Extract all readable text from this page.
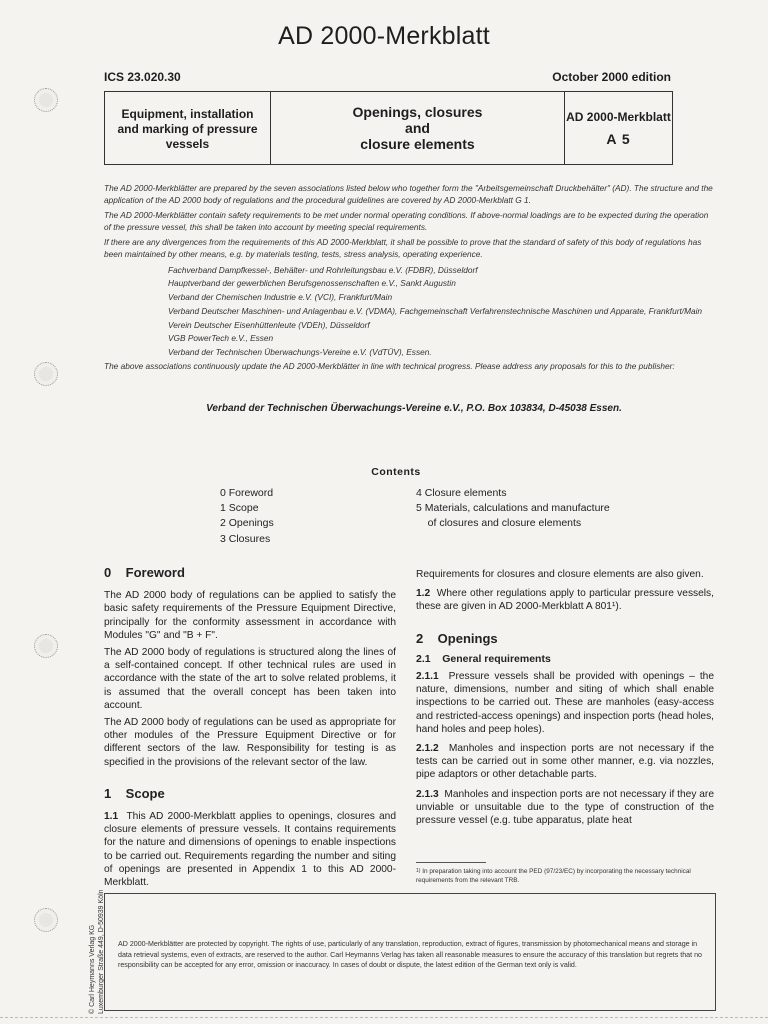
AD 2000-Merkblatt
ICS 23.020.30	October 2000 edition
Equipment, installation
and marking of pressure
vessels
Openings, closures
and
closure elements
AD 2000-Merkblatt
A 5

The AD 2000-Merkblätter are prepared by the seven associations listed below who together form the "Arbeitsgemeinschaft Druckbehälter" (AD). The structure and the application of the AD 2000 body of regulations and the procedural guidelines are covered by AD 2000-Merkblatt G 1.

The AD 2000-Merkblätter contain safety requirements to be met under normal operating conditions. If above-normal loadings are to be expected during the operation of the pressure vessel, this shall be taken into account by meeting special requirements.

If there are any divergences from the requirements of this AD 2000-Merkblatt, it shall be possible to prove that the standard of safety of this body of regulations has been maintained by other means, e.g. by materials testing, tests, stress analysis, operating experience.

Fachverband Dampfkessel-, Behälter- und Rohrleitungsbau e.V. (FDBR), Düsseldorf
Hauptverband der gewerblichen Berufsgenossenschaften e.V., Sankt Augustin
Verband der Chemischen Industrie e.V. (VCI), Frankfurt/Main
Verband Deutscher Maschinen- und Anlagenbau e.V. (VDMA), Fachgemeinschaft Verfahrenstechnische Maschinen und Apparate, Frankfurt/Main
Verein Deutscher Eisenhüttenleute (VDEh), Düsseldorf
VGB PowerTech e.V., Essen
Verband der Technischen Überwachungs-Vereine e.V. (VdTÜV), Essen.

The above associations continuously update the AD 2000-Merkblätter in line with technical progress. Please address any proposals for this to the publisher:

Verband der Technischen Überwachungs-Vereine e.V., P.O. Box 103834, D-45038 Essen.
Contents
0 Foreword
1 Scope
2 Openings
3 Closures
4 Closure elements
5 Materials, calculations and manufacture
of closures and closure elements
0    Foreword

The AD 2000 body of regulations can be applied to satisfy the basic safety requirements of the Pressure Equipment Directive, principally for the conformity assessment in accordance with Modules "G" and "B + F".

The AD 2000 body of regulations is structured along the lines of a self-contained concept. If other technical rules are used in accordance with the state of the art to solve related problems, it is assumed that the overall concept has been taken into account.

The AD 2000 body of regulations can be used as appropriate for other modules of the Pressure Equipment Directive or for different sectors of the law. Responsibility for testing is as specified in the provisions of the relevant sector of the law.

1    Scope

1.1 This AD 2000-Merkblatt applies to openings, closures and closure elements of pressure vessels. It contains requirements for the nature and dimensions of openings to enable inspections to be carried out. Requirements regarding the number and siting of openings are presented in Appendix 1 to this AD 2000-Merkblatt.

Requirements for closures and closure elements are also given.

1.2 Where other regulations apply to particular pressure vessels, these are given in AD 2000-Merkblatt A 801¹).

2    Openings
2.1    General requirements

2.1.1 Pressure vessels shall be provided with openings – the nature, dimensions, number and siting of which shall enable inspections to be carried out. These are manholes (easy-access and restricted-access openings) and inspection ports (head holes, hand holes and peep holes).

2.1.2 Manholes and inspection ports are not necessary if the tests can be carried out in some other manner, e.g. via nozzles, pipe adaptors or other detachable parts.

2.1.3 Manholes and inspection ports are not necessary if they are unviable or unsuitable due to the type of construction of the pressure vessel (e.g. tube apparatus, plate heat

$^{1)}$ In preparation taking into account the PED (97/23/EC) by incorporating the necessary technical requirements from the relevant TRB.
AD 2000-Merkblätter are protected by copyright. The rights of use, particularly of any translation, reproduction, extract of figures, transmission by photomechanical means and storage in data retrieval systems, even of extracts, are reserved to the author. Carl Heymanns Verlag has taken all reasonable measures to ensure the accuracy of this translation but regrets that no responsibility can be accepted for any error, omission or inaccuracy. In cases of doubt or dispute, the latest edition of the German text only is valid.
© Carl Heymanns Verlag KG Luxemburger Straße 449, D-50939 Köln
